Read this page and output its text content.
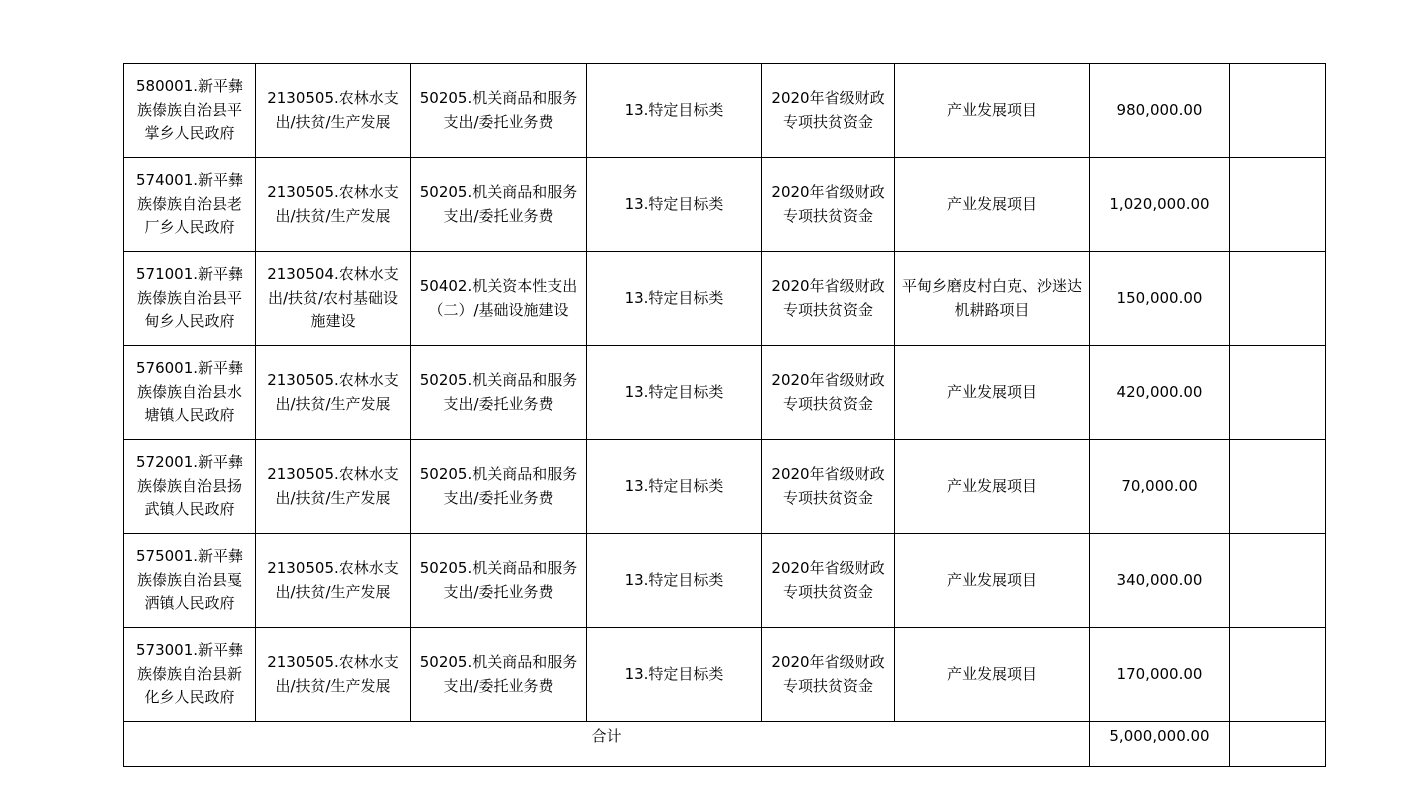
580001.新平彝族傣族自治县平掌乡人民政府	2130505.农林水支出/扶贫/生产发展	50205.机关商品和服务支出/委托业务费	13.特定目标类	2020年省级财政专项扶贫资金	产业发展项目	980,000.00	

574001.新平彝族傣族自治县老厂乡人民政府	2130505.农林水支出/扶贫/生产发展	50205.机关商品和服务支出/委托业务费	13.特定目标类	2020年省级财政专项扶贫资金	产业发展项目	1,020,000.00	

571001.新平彝族傣族自治县平甸乡人民政府	2130504.农林水支出/扶贫/农村基础设施建设	50402.机关资本性支出（二）/基础设施建设	13.特定目标类	2020年省级财政专项扶贫资金	平甸乡磨皮村白克、沙迷达机耕路项目	150,000.00	

576001.新平彝族傣族自治县水塘镇人民政府	2130505.农林水支出/扶贫/生产发展	50205.机关商品和服务支出/委托业务费	13.特定目标类	2020年省级财政专项扶贫资金	产业发展项目	420,000.00	

572001.新平彝族傣族自治县扬武镇人民政府	2130505.农林水支出/扶贫/生产发展	50205.机关商品和服务支出/委托业务费	13.特定目标类	2020年省级财政专项扶贫资金	产业发展项目	70,000.00	

575001.新平彝族傣族自治县戛洒镇人民政府	2130505.农林水支出/扶贫/生产发展	50205.机关商品和服务支出/委托业务费	13.特定目标类	2020年省级财政专项扶贫资金	产业发展项目	340,000.00	

573001.新平彝族傣族自治县新化乡人民政府	2130505.农林水支出/扶贫/生产发展	50205.机关商品和服务支出/委托业务费	13.特定目标类	2020年省级财政专项扶贫资金	产业发展项目	170,000.00	

合计						5,000,000.00	
